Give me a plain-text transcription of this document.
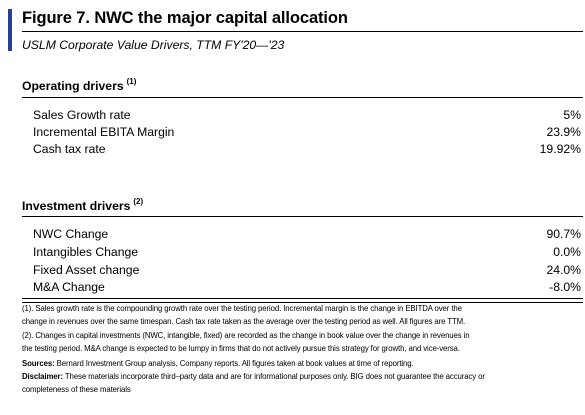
Figure 7. NWC the major capital allocation
USLM Corporate Value Drivers, TTM FY'20—'23
Operating drivers $^{(1)}$
Sales Growth rate	5%
Incremental EBITA Margin	23.9%
Cash tax rate	19.92%
Investment drivers $^{(2)}$
NWC Change	90.7%
Intangibles Change	0.0%
Fixed Asset change	24.0%
M&A Change	-8.0%
(1). Sales growth rate is the compounding growth rate over the testing period. Incremental margin is the change in EBITDA over the
change in revenues over the same timespan. Cash tax rate taken as the average over the testing period as well. All figures are TTM.
(2). Changes in capital investments (NWC, intangible, fixed) are recorded as the change in book value over the change in revenues in
the testing period. M&A change is expected to be lumpy in firms that do not actively pursue this strategy for growth, and vice-versa.
Sources: Bernard Investment Group analysis, Company reports. All figures taken at book values at time of reporting.
Disclaimer: These materials incorporate third–party data and are for informational purposes only. BIG does not guarantee the accuracy or
completeness of these materials
